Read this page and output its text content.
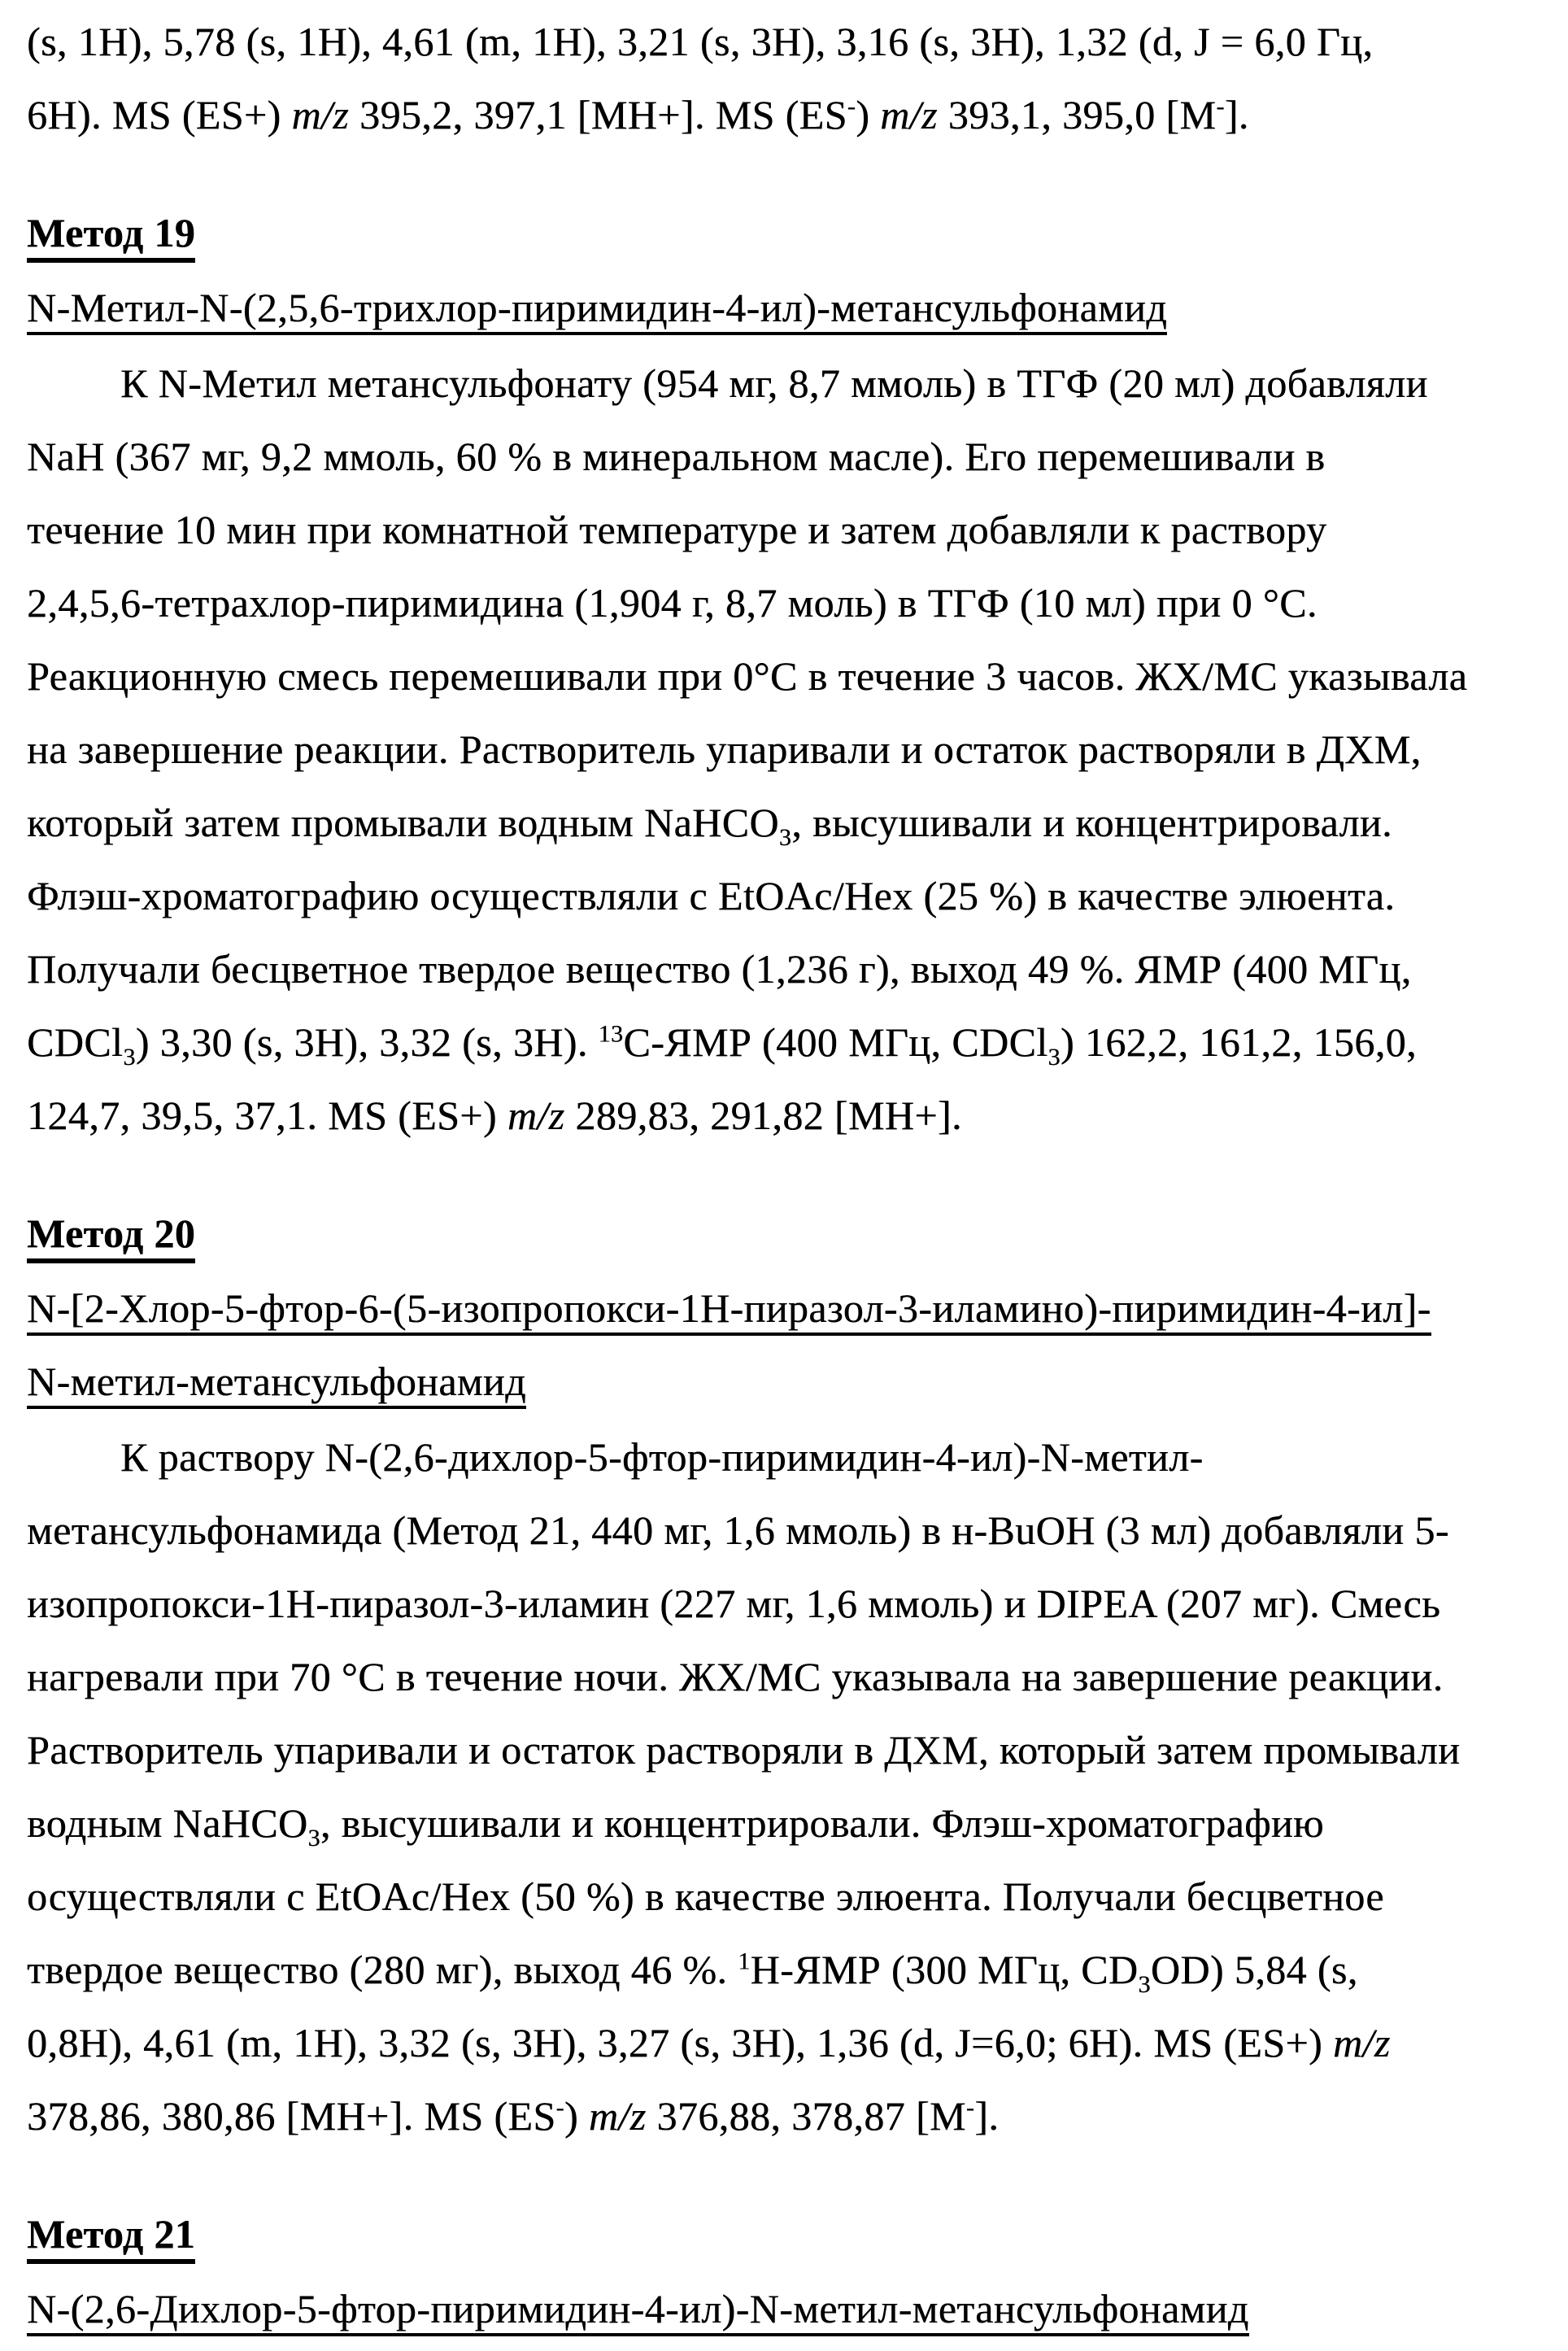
(s, 1H), 5,78 (s, 1H), 4,61 (m, 1H), 3,21 (s, 3H), 3,16 (s, 3H), 1,32 (d, J = 6,0 Гц,
6H). MS (ES+) m/z 395,2, 397,1 [MH+]. MS (ES-) m/z 393,1, 395,0 [M-].
Метод 19
N-Метил-N-(2,5,6-трихлор-пиримидин-4-ил)-метансульфонамид
К N-Метил метансульфонату (954 мг, 8,7 ммоль) в ТГФ (20 мл) добавляли
NaH (367 мг, 9,2 ммоль, 60 % в минеральном масле). Его перемешивали в
течение 10 мин при комнатной температуре и затем добавляли к раствору
2,4,5,6-тетрахлор-пиримидина (1,904 г, 8,7 моль) в ТГФ (10 мл) при 0 °С.
Реакционную смесь перемешивали при 0°С в течение 3 часов. ЖХ/МС указывала
на завершение реакции. Растворитель упаривали и остаток растворяли в ДХМ,
который затем промывали водным NaHCO$_3$, высушивали и концентрировали.
Флэш-хроматографию осуществляли с EtOAc/Hex (25 %) в качестве элюента.
Получали бесцветное твердое вещество (1,236 г), выход 49 %. ЯМР (400 МГц,
CDCl$_3$) 3,30 (s, 3H), 3,32 (s, 3H). $^{13}$C-ЯМР (400 МГц, CDCl$_3$) 162,2, 161,2, 156,0,
124,7, 39,5, 37,1. MS (ES+) m/z 289,83, 291,82 [MH+].
Метод 20
N-[2-Хлор-5-фтор-6-(5-изопропокси-1Н-пиразол-3-иламино)-пиримидин-4-ил]-
N-метил-метансульфонамид
К раствору N-(2,6-дихлор-5-фтор-пиримидин-4-ил)-N-метил-
метансульфонамида (Метод 21, 440 мг, 1,6 ммоль) в н-BuOH (3 мл) добавляли 5-
изопропокси-1Н-пиразол-3-иламин (227 мг, 1,6 ммоль) и DIPEA (207 мг). Смесь
нагревали при 70 °С в течение ночи. ЖХ/МС указывала на завершение реакции.
Растворитель упаривали и остаток растворяли в ДХМ, который затем промывали
водным NaHCO$_3$, высушивали и концентрировали. Флэш-хроматографию
осуществляли с EtOAc/Hex (50 %) в качестве элюента. Получали бесцветное
твердое вещество (280 мг), выход 46 %. $^1$Н-ЯМР (300 МГц, $CD_3OD$) 5,84 (s,
0,8H), 4,61 (m, 1H), 3,32 (s, 3H), 3,27 (s, 3H), 1,36 (d, J=6,0; 6H). MS (ES+) m/z
378,86, 380,86 [MH+]. MS (ES-) m/z 376,88, 378,87 [M-].
Метод 21
N-(2,6-Дихлор-5-фтор-пиримидин-4-ил)-N-метил-метансульфонамид
